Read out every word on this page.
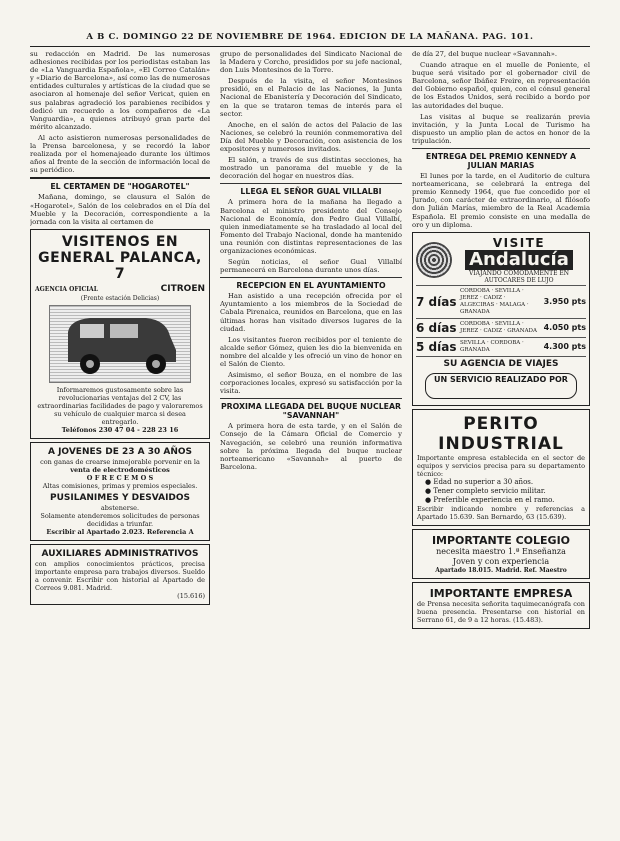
A B C. DOMINGO 22 DE NOVIEMBRE DE 1964. EDICION DE LA MAÑANA. PAG. 101.

su redacción en Madrid. De las numerosas adhesiones recibidas por los periodistas estaban las de «La Vanguardia Española», «El Correo Catalán» y «Diario de Barcelona», así como las de numerosas entidades culturales y artísticas de la ciudad que se asociaron al homenaje del señor Vericat, quien en sus palabras agradeció los parabienes recibidos y dedicó un recuerdo a los compañeros de «La Vanguardia», a quienes atribuyó gran parte del mérito alcanzado.

Al acto asistieron numerosas personalidades de la Prensa barcelonesa, y se recordó la labor realizada por el homenajeado durante los últimos años al frente de la sección de información local de su periódico.

EL CERTAMEN DE "HOGAROTEL"

Mañana, domingo, se clausura el Salón de «Hogarotel», Salón de los celebrados en el Día del Mueble y la Decoración, correspondiente a la jornada con la visita al certamen de

VISITENOS EN
GENERAL PALANCA, 7
AGENCIA OFICIAL	CITROEN
(Frente estación Delicias)
Informaremos gustosamente sobre las revolucionarias ventajas del 2 CV, las extraordinarias facilidades de pago y valoraremos su vehículo de cualquier marca si desea entregarlo.
Teléfonos 230 47 04 - 228 23 16
A JOVENES DE 23 A 30 AÑOS
con ganas de crearse inmejorable porvenir en la
venta de electrodomésticos
O F R E C E M O S
Altas comisiones, primas y premios especiales.
PUSILANIMES Y DESVAIDOS
abstenerse.
Solamente atenderemos solicitudes de personas decididas a triunfar.
Escribir al Apartado 2.023. Referencia A
AUXILIARES ADMINISTRATIVOS
con amplios conocimientos prácticos, precisa importante empresa para trabajos diversos. Sueldo a convenir. Escribir con historial al Apartado de Correos 9.081. Madrid.
(15.616)

grupo de personalidades del Sindicato Nacional de la Madera y Corcho, presididos por su jefe nacional, don Luis Montesinos de la Torre.

Después de la visita, el señor Montesinos presidió, en el Palacio de las Naciones, la Junta Nacional de Ebanistería y Decoración del Sindicato, en la que se trataron temas de interés para el sector.

Anoche, en el salón de actos del Palacio de las Naciones, se celebró la reunión conmemorativa del Día del Mueble y Decoración, con asistencia de los expositores y numerosos invitados.

El salón, a través de sus distintas secciones, ha mostrado un panorama del mueble y de la decoración del hogar en nuestros días.

LLEGA EL SEÑOR GUAL VILLALBI

A primera hora de la mañana ha llegado a Barcelona el ministro presidente del Consejo Nacional de Economía, don Pedro Gual Villalbí, quien inmediatamente se ha trasladado al local del Fomento del Trabajo Nacional, donde ha mantenido una reunión con distintas representaciones de las organizaciones económicas.

Según noticias, el señor Gual Villalbí permanecerá en Barcelona durante unos días.

RECEPCION EN EL AYUNTAMIENTO

Han asistido a una recepción ofrecida por el Ayuntamiento a los miembros de la Sociedad de Cabala Pirenaica, reunidos en Barcelona, que en las últimas horas han visitado diversos lugares de la ciudad.

Los visitantes fueron recibidos por el teniente de alcalde señor Gómez, quien les dio la bienvenida en nombre del alcalde y les ofreció un vino de honor en el Salón de Ciento.

Asimismo, el señor Bouza, en el nombre de las corporaciones locales, expresó su satisfacción por la visita.

PROXIMA LLEGADA DEL BUQUE NUCLEAR "SAVANNAH"

A primera hora de esta tarde, y en el Salón de Consejo de la Cámara Oficial de Comercio y Navegación, se celebró una reunión informativa sobre la próxima llegada del buque nuclear norteamericano «Savannah» al puerto de Barcelona.

de día 27, del buque nuclear «Savannah».

Cuando atraque en el muelle de Poniente, el buque será visitado por el gobernador civil de Barcelona, señor Ibáñez Freire, en representación del Gobierno español, quien, con el cónsul general de los Estados Unidos, será recibido a bordo por las autoridades del buque.

Las visitas al buque se realizarán previa invitación, y la Junta Local de Turismo ha dispuesto un amplio plan de actos en honor de la tripulación.

ENTREGA DEL PREMIO KENNEDY A JULIAN MARIAS

El lunes por la tarde, en el Auditorio de cultura norteamericana, se celebrará la entrega del premio Kennedy 1964, que fue concedido por el Jurado, con carácter de extraordinario, al filósofo don Julián Marías, miembro de la Real Academia Española. El premio consiste en una medalla de oro y un diploma.

VISITE
Andalucía
VIAJANDO COMODAMENTE EN AUTOCARES DE LUJO
7 días
CORDOBA · SEVILLA · JEREZ · CADIZ · ALGECIRAS · MALAGA · GRANADA
3.950 pts
6 días CORDOBA · SEVILLA · JEREZ · CADIZ · GRANADA 4.050 pts
5 días SEVILLA · CORDOBA · GRANADA	4.300 pts
SU AGENCIA DE VIAJES
UN SERVICIO REALIZADO POR
PERITO INDUSTRIAL
Importante empresa establecida en el sector de equipos y servicios precisa para su departamento técnico:
● Edad no superior a 30 años.
● Tener completo servicio militar.
● Preferible experiencia en el ramo.
Escribir indicando nombre y referencias a Apartado 15.639. San Bernardo, 63 (15.639).
IMPORTANTE COLEGIO
necesita maestro 1.ª Enseñanza
Joven y con experiencia
Apartado 18.015. Madrid. Ref. Maestro
IMPORTANTE EMPRESA
de Prensa necesita señorita taquimecanógrafa con buena presencia. Presentarse con historial en Serrano 61, de 9 a 12 horas. (15.483).
